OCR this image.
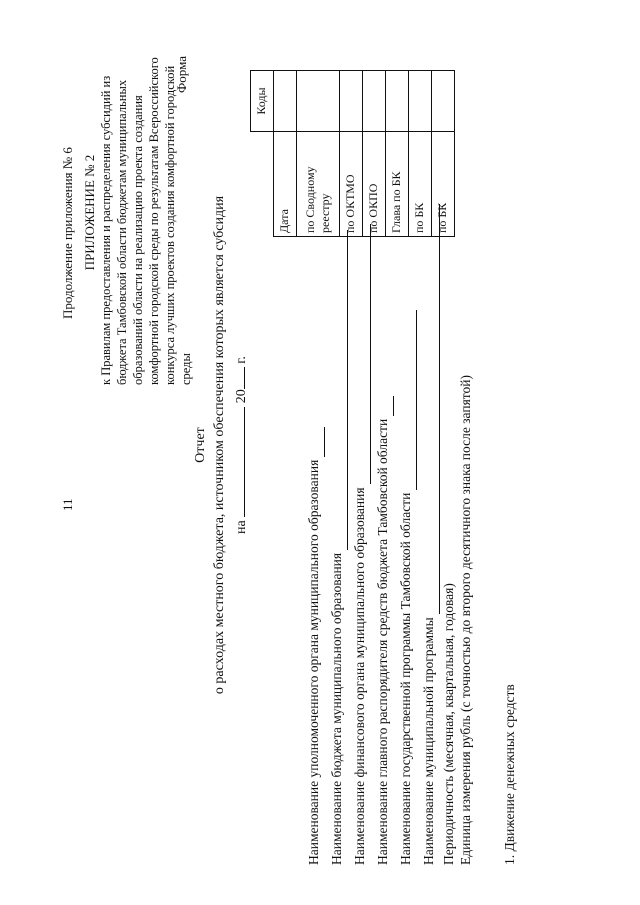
11
Продолжение приложения № 6 ПРИЛОЖЕНИЕ № 2 к Правилам предоставления и распределения субсидий из бюджета Тамбовской области бюджетам муниципальных образований области на реализацию проекта создания комфортной городской среды по результатам Всероссийского конкурса лучших проектов создания комфортной городской среды
Форма
Отчет о расходах местного бюджета, источником обеспечения которых является субсидия на  20 г.
	Коды
Дата	
по Сводному реестру	
по ОКТМО	
по ОКПО	
Глава по БК	
по БК	
по БК	
Наименование уполномоченного органа муниципального образования Наименование бюджета муниципального образования Наименование финансового органа муниципального образования Наименование главного распорядителя средств бюджета Тамбовской области Наименование государственной программы Тамбовской области Наименование муниципальной программы Периодичность (месячная, квартальная, годовая) Единица измерения рубль (с точностью до второго десятичного знака после запятой) 1. Движение денежных средств
